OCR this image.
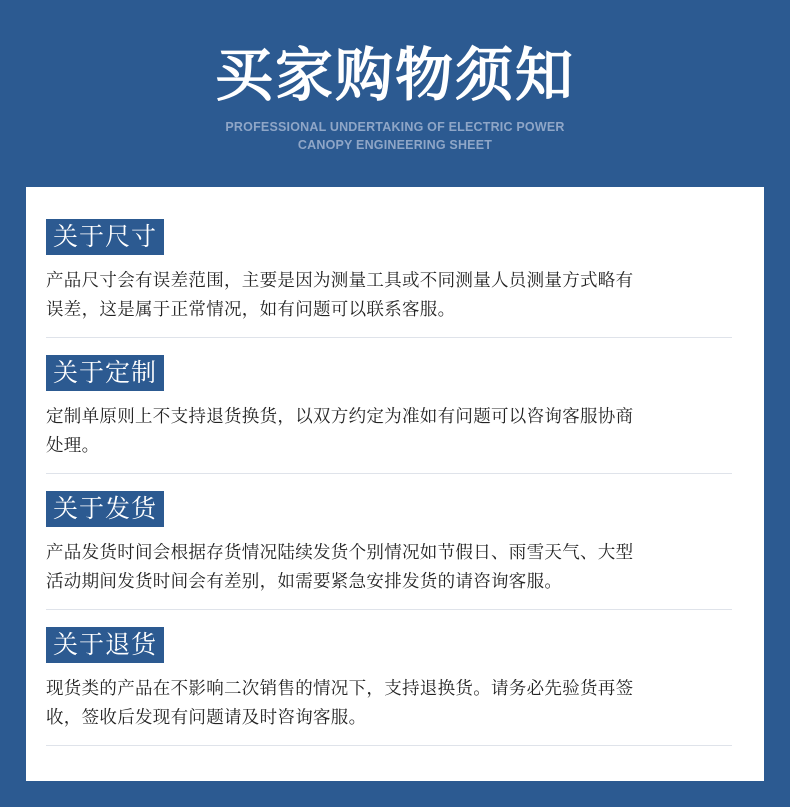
买家购物须知
PROFESSIONAL UNDERTAKING OF ELECTRIC POWER
CANOPY ENGINEERING SHEET
关于尺寸
产品尺寸会有误差范围，主要是因为测量工具或不同测量人员测量方式略有
误差，这是属于正常情况，如有问题可以联系客服。
关于定制
定制单原则上不支持退货换货，以双方约定为准如有问题可以咨询客服协商
处理。
关于发货
产品发货时间会根据存货情况陆续发货个别情况如节假日、雨雪天气、大型
活动期间发货时间会有差别，如需要紧急安排发货的请咨询客服。
关于退货
现货类的产品在不影响二次销售的情况下，支持退换货。请务必先验货再签
收，签收后发现有问题请及时咨询客服。
